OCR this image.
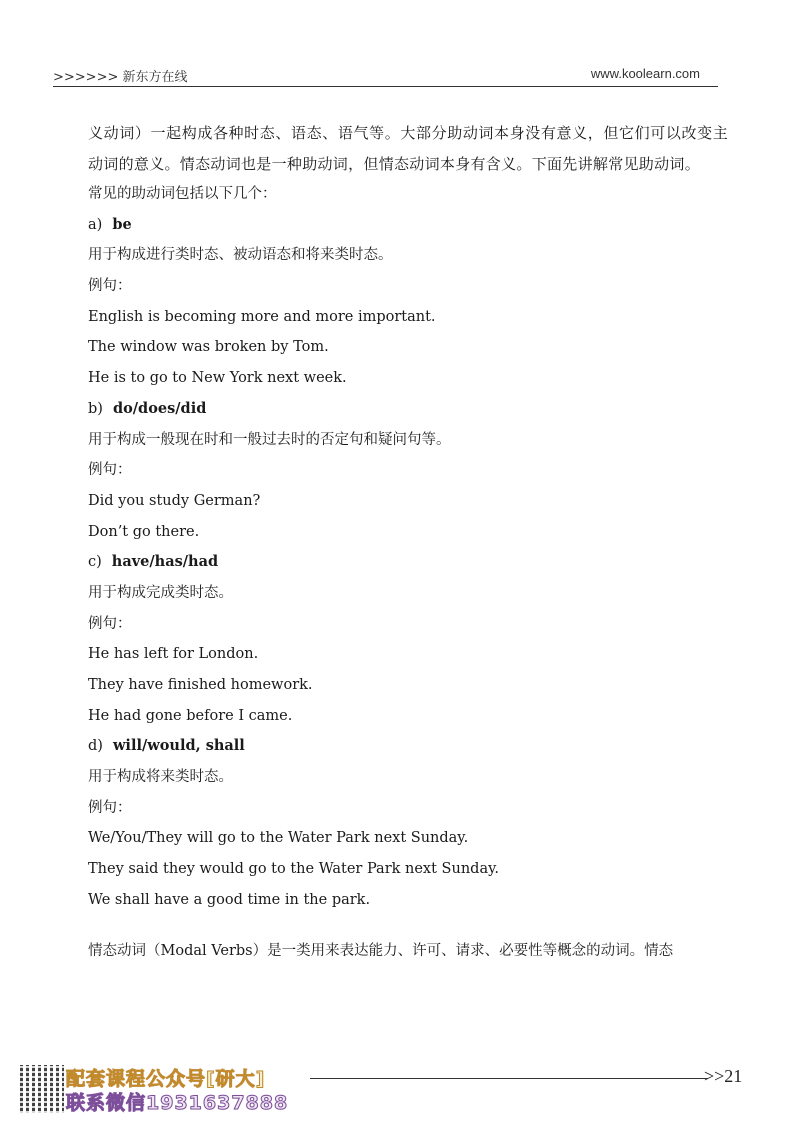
>>>>>> 新东方在线	www.koolearn.com
义动词）一起构成各种时态、语态、语气等。大部分助动词本身没有意义，但它们可以改变主动词的意义。情态动词也是一种助动词，但情态动词本身有含义。下面先讲解常见助动词。
常见的助动词包括以下几个：
a) be
用于构成进行类时态、被动语态和将来类时态。
例句：
English is becoming more and more important.
The window was broken by Tom.
He is to go to New York next week.
b) do/does/did
用于构成一般现在时和一般过去时的否定句和疑问句等。
例句：
Did you study German?
Don’t go there.
c) have/has/had
用于构成完成类时态。
例句：
He has left for London.
They have finished homework.
He had gone before I came.
d) will/would, shall
用于构成将来类时态。
例句：
We/You/They will go to the Water Park next Sunday.
They said they would go to the Water Park next Sunday.
We shall have a good time in the park.
情态动词（Modal Verbs）是一类用来表达能力、许可、请求、必要性等概念的动词。情态
配套课程公众号[研大]
联系微信1931637888
>>21
